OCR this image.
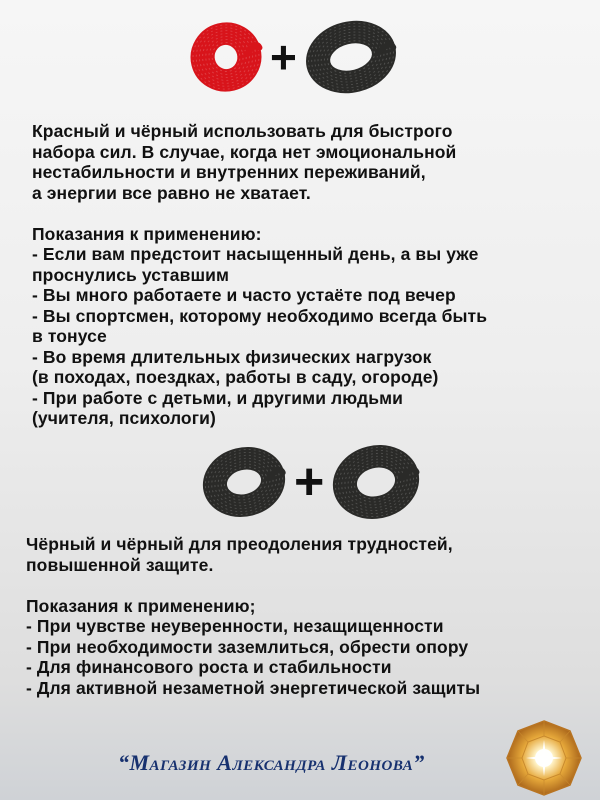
+

Красный и чёрный использовать для быстрого

набора сил. В случае, когда нет эмоциональной

нестабильности и внутренних переживаний,

а энергии все равно не хватает.

Показания к применению:

- Если вам предстоит насыщенный день, а вы уже

проснулись уставшим

- Вы много работаете и часто устаёте под вечер

- Вы спортсмен, которому необходимо всегда быть

в тонусе

- Во время длительных физических нагрузок

(в походах, поездках, работы в саду, огороде)

- При работе с детьми, и другими людьми

(учителя, психологи)

+

Чёрный и чёрный для преодоления трудностей,

повышенной защите.

Показания к применению;

- При чувстве неуверенности, незащищенности

- При необходимости заземлиться, обрести опору

- Для финансового роста и стабильности

- Для активной незаметной энергетической защиты

“Магазин Александра Леонова”
